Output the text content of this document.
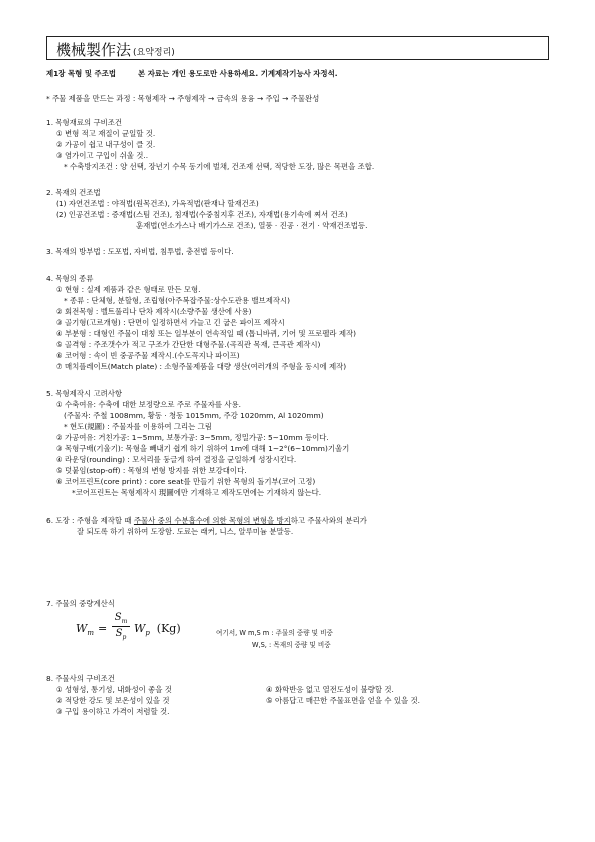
機械製作法 (요약정리)
제1장 목형 및 주조법	본 자료는 개인 용도로만 사용하세요. 기계제작기능사 자정석.
* 주물 제품을 만드는 과정 : 목형제작 → 주형제작 → 금속의 용융 → 주입 → 주물완성
1. 목형재료의 구비조건
① 변형 적고 재질이 균일할 것.
② 가공이 쉽고 내구성이 클 것.
③ 염가이고 구입이 쉬울 것..
* 수축방지조건 : 양 선택, 장년기 수목 동기에 벌채, 건조재 선택, 적당한 도장, 많은 목편을 조합.
2. 목재의 건조법
(1) 자연건조법 : 야적법(원목건조), 가옥적법(판재나 할재건조)
(2) 인공건조법 : 증재법(스팀 건조), 침재법(수중침지후 건조), 자재법(용기속에 쪄서 건조)
훈재법(연소가스나 배기가스로 건조), 열풍 · 진공 · 전기 · 약재건조법등.
3. 목재의 방부법 : 도포법, 자비법, 침투법, 충전법 등이다.
4. 목형의 종류
① 현형 : 실제 제품과 같은 형태로 만든 모형.
* 종류 : 단체형, 분할형, 조립형(아주복잡주물:상수도관용 밸브제작시)
② 회전목형 : 벨트풀리나 단차 제작시(소량주물 생산에 사용)
③ 골기형(고르개형) : 단면이 일정하면서 가늘고 긴 굽은 파이프 제작시
④ 부분형 : 대형인 주물이 대칭 또는 일부분이 연속적일 때 (톱니바퀴, 기어 및 프로펠라 제작)
⑤ 골격형 : 주조갯수가 적고 구조가 간단한 대형주물.(곡직관 목재, 큰곡관 제작시)
⑥ 코어형 : 속이 빈 중공주물 제작시.(수도꼭지나 파이프)
⑦ 매치플레이트(Match plate) : 소형주물제품을 대량 생산(여러개의 주형을 동시에 제작)
5. 목형제작시 고려사항
① 수축여유: 수축에 대한 보정량으로 주로 주물자를 사용.
(주물자: 주철 1008mm, 황동 · 청동 1015mm, 주강 1020mm, Al 1020mm)
* 현도(規圖) : 주물자를 이용하여 그리는 그림
② 가공여유: 거친가공: 1~5mm, 보통가공: 3~5mm, 정밀가공: 5~10mm 등이다.
③ 목형구배(기울기): 목형을 빼내기 쉽게 하기 위하여 1m에 대해 1~2°(6~10mm)기울기
④ 라운딩(rounding) : 모서리를 둥글게 하여 결정을 균일하게 성장시킨다.
⑤ 덧붙임(stop-off) : 목형의 변형 방지를 위한 보강대이다.
⑥ 코어프린트(core print) : core seat를 만들기 위한 목형의 돌기부(코어 고정)
*코어프린트는 목형제작시 現圖에만 기재하고 제작도면에는 기재하지 않는다.
6. 도장 : 주형을 제작할 때 주물사 중의 수분흡수에 의한 목형의 변형을 방지하고 주물사와의 분리가
잘 되도록 하기 위하여 도장함. 도료는 래커, 니스, 알루미늄 분말등.
7. 주물의 중량계산식
$W_m$ =
$S_m$
$S_p$
$W_p$ (Kg)	여기서, W m,S m : 주물의 중량 및 비중
W,S, : 목재의 중량 및 비중
8. 주물사의 구비조건
① 성형성, 통기성, 내화성이 좋을 것
② 적당한 강도 및 보온성이 있을 것
③ 구입 용이하고 가격이 저렴할 것.
④ 화학반응 없고 열전도성이 불량할 것.
⑤ 아름답고 매끈한 주물표면을 얻을 수 있을 것.
